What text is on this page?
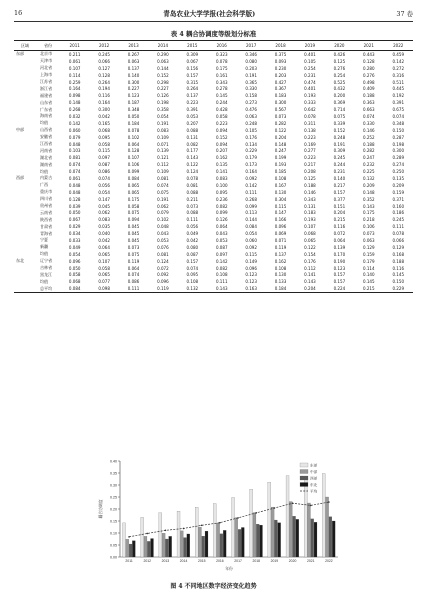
16	青岛农业大学学报(社会科学版)	37 卷
表 4 耦合协调度等级划分标准
区域	省份	2011	2012	2013	2014	2015	2016	2017	2018	2019	2020	2021	2022
东部	北京市	0.211	0.245	0.267	0.290	0.309	0.323	0.346	0.375	0.401	0.426	0.443	0.459
	天津市	0.061	0.066	0.063	0.063	0.067	0.078	0.080	0.093	0.105	0.125	0.128	0.142
	河北省	0.107	0.127	0.137	0.144	0.156	0.175	0.203	0.230	0.254	0.276	0.280	0.272
	上海市	0.114	0.128	0.140	0.152	0.157	0.161	0.191	0.203	0.231	0.254	0.276	0.316
	江苏省	0.259	0.264	0.300	0.298	0.315	0.343	0.365	0.427	0.474	0.525	0.498	0.511
	浙江省	0.164	0.194	0.227	0.227	0.264	0.278	0.330	0.367	0.401	0.432	0.409	0.445
	福建省	0.098	0.116	0.123	0.126	0.137	0.145	0.158	0.183	0.193	0.200	0.188	0.192
	山东省	0.148	0.164	0.187	0.198	0.223	0.244	0.273	0.300	0.333	0.369	0.363	0.391
	广东省	0.268	0.300	0.348	0.358	0.391	0.428	0.476	0.567	0.642	0.714	0.663	0.675
	海南省	0.032	0.042	0.050	0.054	0.053	0.058	0.063	0.073	0.078	0.075	0.074	0.074
	均值	0.142	0.165	0.184	0.191	0.207	0.223	0.248	0.282	0.311	0.339	0.330	0.348
中部	山西省	0.060	0.068	0.078	0.083	0.088	0.094	0.105	0.122	0.138	0.152	0.146	0.150
	安徽省	0.079	0.095	0.102	0.109	0.131	0.152	0.176	0.204	0.223	0.248	0.252	0.287
	江西省	0.048	0.058	0.064	0.071	0.082	0.094	0.134	0.148	0.169	0.191	0.188	0.198
	河南省	0.103	0.115	0.128	0.139	0.177	0.207	0.229	0.247	0.277	0.309	0.282	0.300
	湖北省	0.081	0.097	0.107	0.121	0.143	0.162	0.179	0.199	0.223	0.245	0.247	0.289
	湖南省	0.074	0.087	0.106	0.112	0.122	0.135	0.173	0.193	0.217	0.244	0.232	0.274
	均值	0.074	0.086	0.099	0.109	0.124	0.141	0.164	0.185	0.208	0.231	0.225	0.250
西部	内蒙古	0.061	0.074	0.084	0.081	0.078	0.083	0.092	0.108	0.125	0.140	0.132	0.135
	广西	0.048	0.056	0.065	0.074	0.081	0.100	0.142	0.167	0.188	0.217	0.209	0.209
	重庆市	0.048	0.054	0.065	0.075	0.088	0.095	0.111	0.130	0.146	0.157	0.148	0.159
	四川省	0.128	0.147	0.175	0.191	0.211	0.236	0.268	0.304	0.343	0.377	0.352	0.371
	贵州省	0.039	0.045	0.058	0.062	0.073	0.082	0.099	0.115	0.131	0.151	0.143	0.160
	云南省	0.050	0.062	0.075	0.079	0.088	0.099	0.113	0.147	0.183	0.204	0.175	0.186
	陕西省	0.067	0.083	0.094	0.102	0.111	0.126	0.144	0.166	0.193	0.215	0.218	0.245
	甘肃省	0.029	0.035	0.045	0.048	0.056	0.064	0.084	0.096	0.107	0.116	0.106	0.111
	青海省	0.034	0.040	0.045	0.043	0.049	0.043	0.054	0.069	0.068	0.072	0.073	0.078
	宁夏	0.033	0.042	0.045	0.053	0.042	0.053	0.060	0.071	0.065	0.064	0.063	0.066
	新疆	0.049	0.064	0.073	0.076	0.080	0.087	0.092	0.119	0.122	0.139	0.129	0.129
	均值	0.054	0.065	0.075	0.081	0.087	0.097	0.115	0.137	0.154	0.170	0.159	0.168
东北	辽宁省	0.096	0.107	0.119	0.124	0.157	0.142	0.149	0.162	0.176	0.190	0.179	0.188
	吉林省	0.050	0.058	0.064	0.072	0.074	0.082	0.096	0.108	0.112	0.123	0.114	0.116
	黑龙江	0.058	0.065	0.074	0.092	0.095	0.108	0.123	0.130	0.141	0.157	0.140	0.145
	均值	0.068	0.077	0.086	0.096	0.108	0.111	0.123	0.133	0.143	0.157	0.145	0.150
	总平均	0.084	0.098	0.111	0.119	0.132	0.143	0.163	0.184	0.204	0.224	0.215	0.229
0.00
0.05
0.10
0.15
0.20
0.25
0.30
0.35
0.40
2011	2012	2013	2014	2015	2016	2017	2018	2019	2020	2021	2022
东部
中部
西部
东北
平均
年份
耦合协调度
图 4 不同地区数字经济变化趋势
